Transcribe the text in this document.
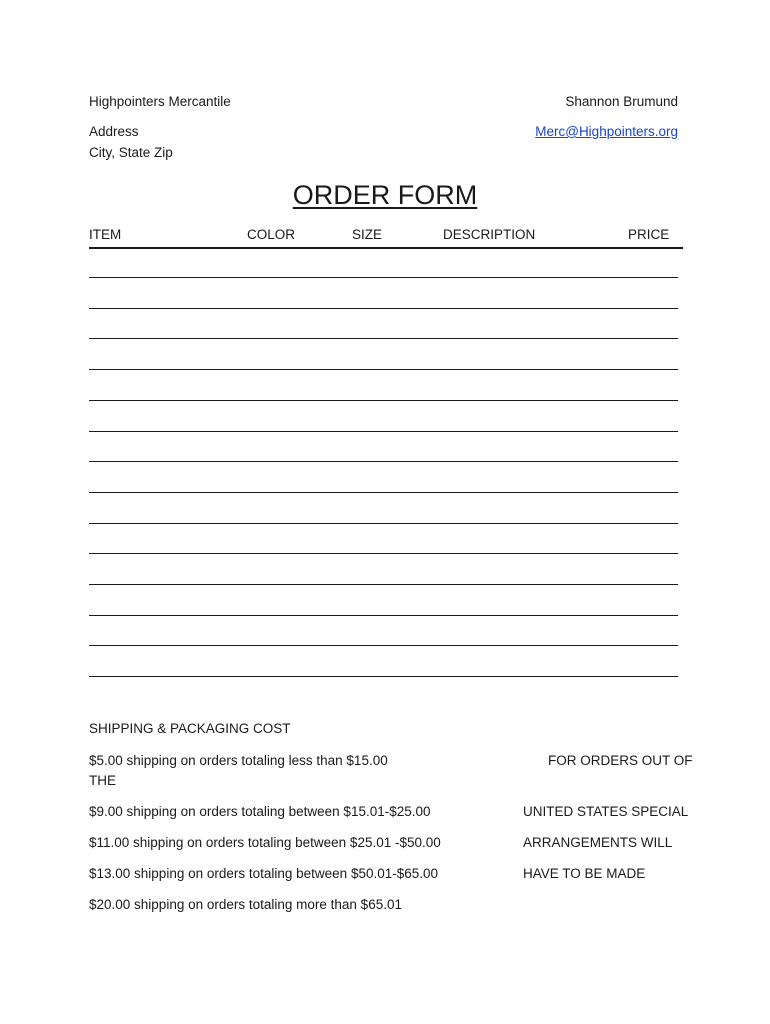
Highpointers Mercantile	Shannon Brumund
Address	Merc@Highpointers.org
City, State Zip
ORDER FORM
ITEM	COLOR	SIZE	DESCRIPTION	PRICE
SHIPPING & PACKAGING COST
$5.00 shipping on orders totaling less than $15.00
THE
$9.00 shipping on orders totaling between $15.01-$25.00
$11.00 shipping on orders totaling between $25.01 -$50.00
$13.00 shipping on orders totaling between $50.01-$65.00
$20.00 shipping on orders totaling more than $65.01
FOR ORDERS OUT OF
UNITED STATES SPECIAL
ARRANGEMENTS WILL
HAVE TO BE MADE
